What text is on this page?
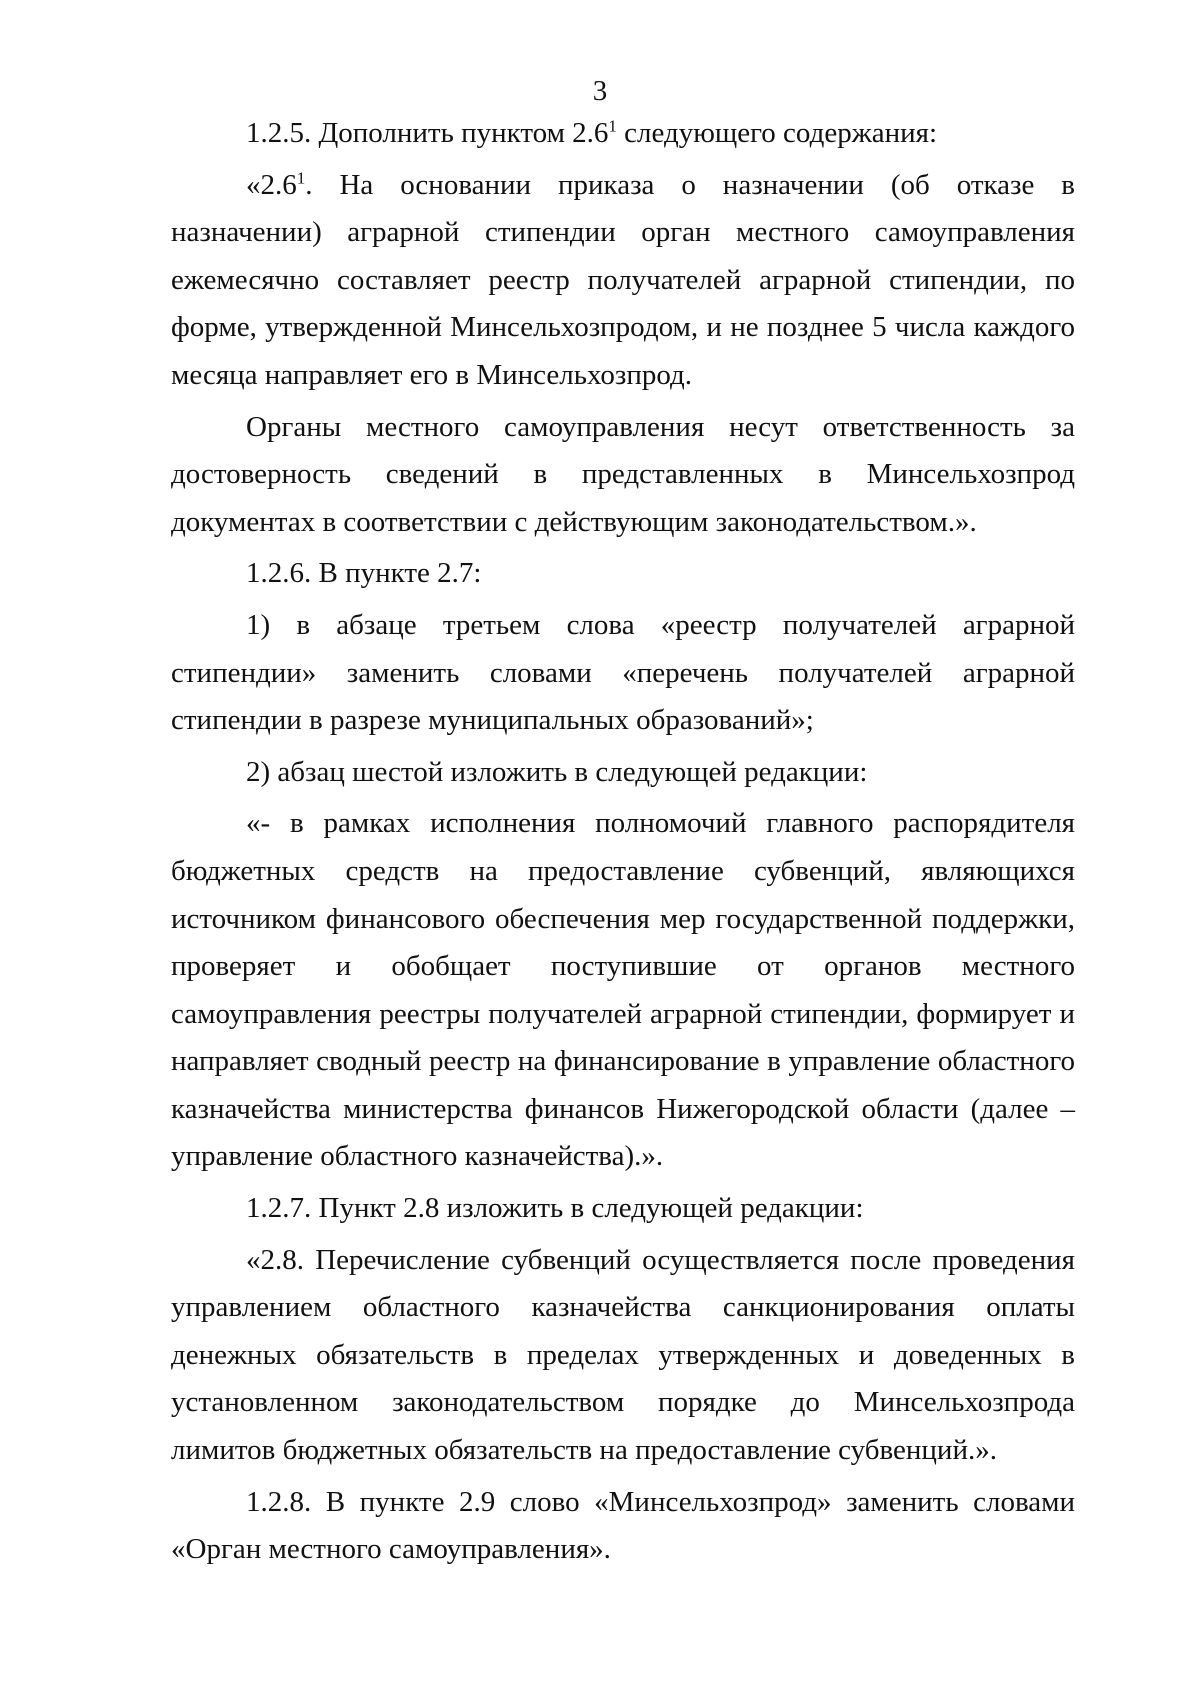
3

1.2.5. Дополнить пунктом $2.6^1$ следующего содержания:

«$2.6^1$. На основании приказа о назначении (об отказе в назначении) аграрной стипендии орган местного самоуправления ежемесячно составляет реестр получателей аграрной стипендии, по форме, утвержденной Минсельхозпродом, и не позднее 5 числа каждого месяца направляет его в Минсельхозпрод.

Органы местного самоуправления несут ответственность за достоверность сведений в представленных в Минсельхозпрод документах в соответствии с действующим законодательством.».

1.2.6. В пункте 2.7:

1) в абзаце третьем слова «реестр получателей аграрной стипендии» заменить словами «перечень получателей аграрной стипендии в разрезе муниципальных образований»;

2) абзац шестой изложить в следующей редакции:

«- в рамках исполнения полномочий главного распорядителя бюджетных средств на предоставление субвенций, являющихся источником финансового обеспечения мер государственной поддержки, проверяет и обобщает поступившие от органов местного самоуправления реестры получателей аграрной стипендии, формирует и направляет сводный реестр на финансирование в управление областного казначейства министерства финансов Нижегородской области (далее – управление областного казначейства).».

1.2.7. Пункт 2.8 изложить в следующей редакции:

«2.8. Перечисление субвенций осуществляется после проведения управлением областного казначейства санкционирования оплаты денежных обязательств в пределах утвержденных и доведенных в установленном законодательством порядке до Минсельхозпрода лимитов бюджетных обязательств на предоставление субвенций.».

1.2.8. В пункте 2.9 слово «Минсельхозпрод» заменить словами «Орган местного самоуправления».
